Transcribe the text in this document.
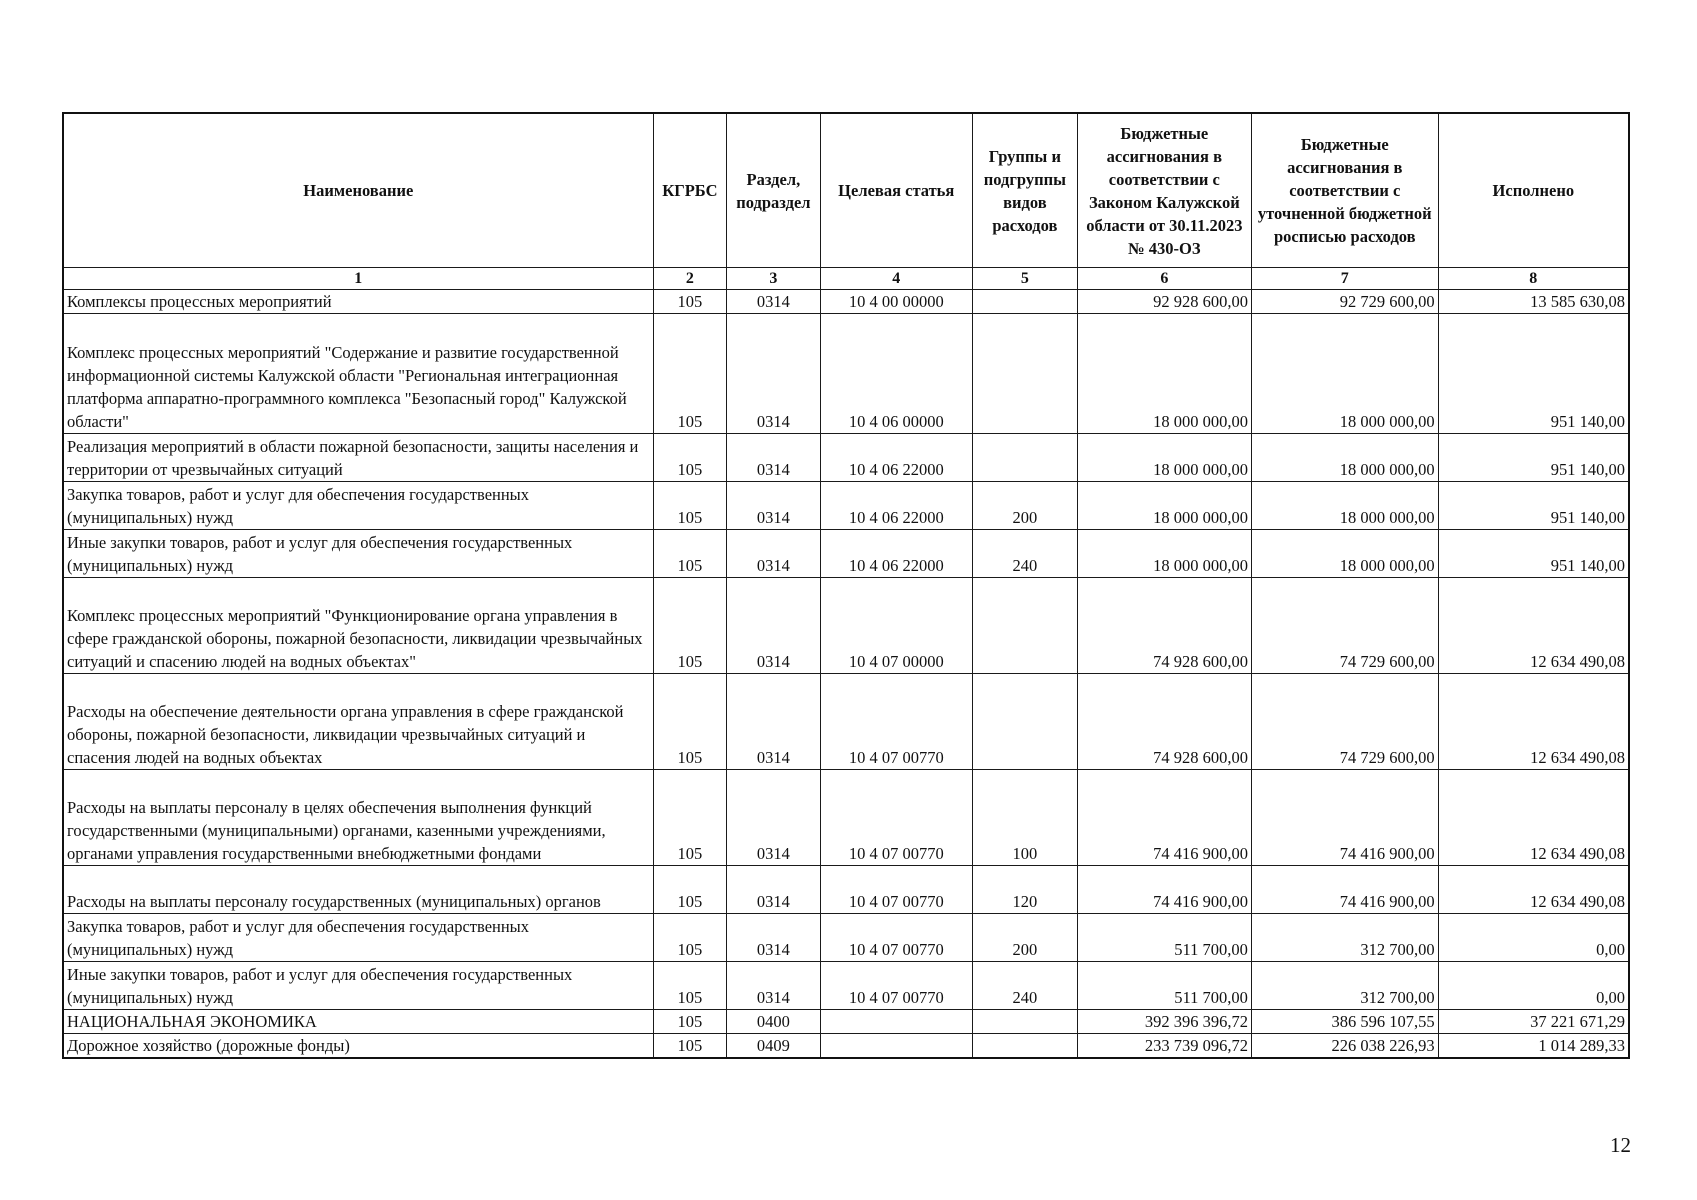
Наименование	КГРБС	Раздел, подраздел	Целевая статья	Группы и подгруппы видов расходов	Бюджетные ассигнования в соответствии с Законом Калужской области от 30.11.2023 № 430-ОЗ	Бюджетные ассигнования в соответствии с уточненной бюджетной росписью расходов	Исполнено
1	2	3	4	5	6	7	8
Комплексы процессных мероприятий	105	0314	10 4 00 00000		92 928 600,00	92 729 600,00	13 585 630,08
Комплекс процессных мероприятий "Содержание и развитие государственной информационной системы Калужской области "Региональная интеграционная платформа аппаратно-программного комплекса "Безопасный город" Калужской области"	105	0314	10 4 06 00000		18 000 000,00	18 000 000,00	951 140,00
Реализация мероприятий в области пожарной безопасности, защиты населения и территории от чрезвычайных ситуаций	105	0314	10 4 06 22000		18 000 000,00	18 000 000,00	951 140,00
Закупка товаров, работ и услуг для обеспечения государственных (муниципальных) нужд	105	0314	10 4 06 22000	200	18 000 000,00	18 000 000,00	951 140,00
Иные закупки товаров, работ и услуг для обеспечения государственных (муниципальных) нужд	105	0314	10 4 06 22000	240	18 000 000,00	18 000 000,00	951 140,00
Комплекс процессных мероприятий "Функционирование органа управления в сфере гражданской обороны, пожарной безопасности, ликвидации чрезвычайных ситуаций и спасению людей на водных объектах"	105	0314	10 4 07 00000		74 928 600,00	74 729 600,00	12 634 490,08
Расходы на обеспечение деятельности органа управления в сфере гражданской обороны, пожарной безопасности, ликвидации чрезвычайных ситуаций и спасения людей на водных объектах	105	0314	10 4 07 00770		74 928 600,00	74 729 600,00	12 634 490,08
Расходы на выплаты персоналу в целях обеспечения выполнения функций государственными (муниципальными) органами, казенными учреждениями, органами управления государственными внебюджетными фондами	105	0314	10 4 07 00770	100	74 416 900,00	74 416 900,00	12 634 490,08
Расходы на выплаты персоналу государственных (муниципальных) органов	105	0314	10 4 07 00770	120	74 416 900,00	74 416 900,00	12 634 490,08
Закупка товаров, работ и услуг для обеспечения государственных (муниципальных) нужд	105	0314	10 4 07 00770	200	511 700,00	312 700,00	0,00
Иные закупки товаров, работ и услуг для обеспечения государственных (муниципальных) нужд	105	0314	10 4 07 00770	240	511 700,00	312 700,00	0,00
НАЦИОНАЛЬНАЯ ЭКОНОМИКА	105	0400			392 396 396,72	386 596 107,55	37 221 671,29
Дорожное хозяйство (дорожные фонды)	105	0409			233 739 096,72	226 038 226,93	1 014 289,33
12
